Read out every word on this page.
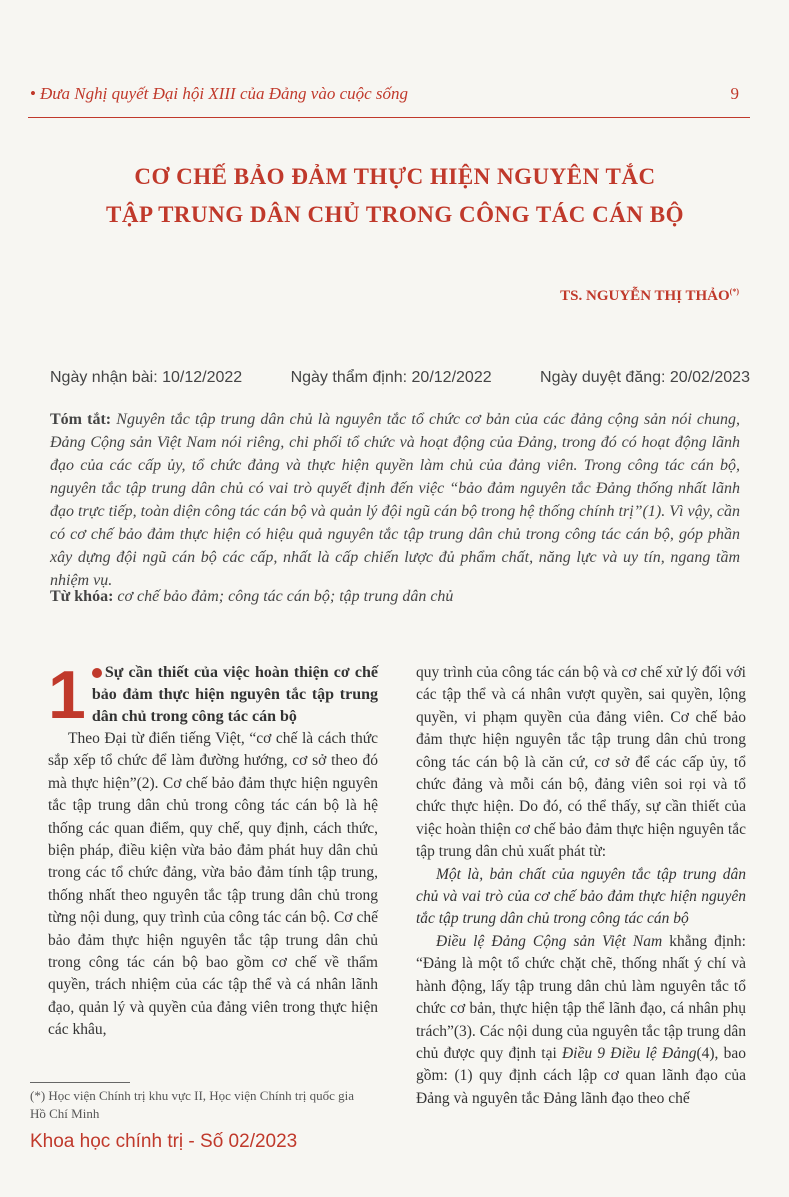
• Đưa Nghị quyết Đại hội XIII của Đảng vào cuộc sống	9
CƠ CHẾ BẢO ĐẢM THỰC HIỆN NGUYÊN TẮC
TẬP TRUNG DÂN CHỦ TRONG CÔNG TÁC CÁN BỘ
TS. NGUYỄN THỊ THẢO(*)
Ngày nhận bài: 10/12/2022	Ngày thẩm định: 20/12/2022	Ngày duyệt đăng: 20/02/2023
Tóm tắt: Nguyên tắc tập trung dân chủ là nguyên tắc tổ chức cơ bản của các đảng cộng sản nói chung, Đảng Cộng sản Việt Nam nói riêng, chi phối tổ chức và hoạt động của Đảng, trong đó có hoạt động lãnh đạo của các cấp ủy, tổ chức đảng và thực hiện quyền làm chủ của đảng viên. Trong công tác cán bộ, nguyên tắc tập trung dân chủ có vai trò quyết định đến việc “bảo đảm nguyên tắc Đảng thống nhất lãnh đạo trực tiếp, toàn diện công tác cán bộ và quản lý đội ngũ cán bộ trong hệ thống chính trị”(1). Vì vậy, cần có cơ chế bảo đảm thực hiện có hiệu quả nguyên tắc tập trung dân chủ trong công tác cán bộ, góp phần xây dựng đội ngũ cán bộ các cấp, nhất là cấp chiến lược đủ phẩm chất, năng lực và uy tín, ngang tầm nhiệm vụ.
Từ khóa: cơ chế bảo đảm; công tác cán bộ; tập trung dân chủ
1	Sự cần thiết của việc hoàn thiện cơ chế bảo đảm thực hiện nguyên tắc tập trung dân chủ trong công tác cán bộ

Theo Đại từ điển tiếng Việt, “cơ chế là cách thức sắp xếp tổ chức để làm đường hướng, cơ sở theo đó mà thực hiện”(2). Cơ chế bảo đảm thực hiện nguyên tắc tập trung dân chủ trong công tác cán bộ là hệ thống các quan điểm, quy chế, quy định, cách thức, biện pháp, điều kiện vừa bảo đảm phát huy dân chủ trong các tổ chức đảng, vừa bảo đảm tính tập trung, thống nhất theo nguyên tắc tập trung dân chủ trong từng nội dung, quy trình của công tác cán bộ. Cơ chế bảo đảm thực hiện nguyên tắc tập trung dân chủ trong công tác cán bộ bao gồm cơ chế về thẩm quyền, trách nhiệm của các tập thể và cá nhân lãnh đạo, quản lý và quyền của đảng viên trong thực hiện các khâu,

quy trình của công tác cán bộ và cơ chế xử lý đối với các tập thể và cá nhân vượt quyền, sai quyền, lộng quyền, vi phạm quyền của đảng viên. Cơ chế bảo đảm thực hiện nguyên tắc tập trung dân chủ trong công tác cán bộ là căn cứ, cơ sở để các cấp ủy, tổ chức đảng và mỗi cán bộ, đảng viên soi rọi và tổ chức thực hiện. Do đó, có thể thấy, sự cần thiết của việc hoàn thiện cơ chế bảo đảm thực hiện nguyên tắc tập trung dân chủ xuất phát từ:

Một là, bản chất của nguyên tắc tập trung dân chủ và vai trò của cơ chế bảo đảm thực hiện nguyên tắc tập trung dân chủ trong công tác cán bộ

Điều lệ Đảng Cộng sản Việt Nam khẳng định: “Đảng là một tổ chức chặt chẽ, thống nhất ý chí và hành động, lấy tập trung dân chủ làm nguyên tắc tổ chức cơ bản, thực hiện tập thể lãnh đạo, cá nhân phụ trách”(3). Các nội dung của nguyên tắc tập trung dân chủ được quy định tại Điều 9 Điều lệ Đảng(4), bao gồm: (1) quy định cách lập cơ quan lãnh đạo của Đảng và nguyên tắc Đảng lãnh đạo theo chế

(*) Học viện Chính trị khu vực II, Học viện Chính trị quốc gia Hồ Chí Minh
Khoa học chính trị - Số 02/2023
